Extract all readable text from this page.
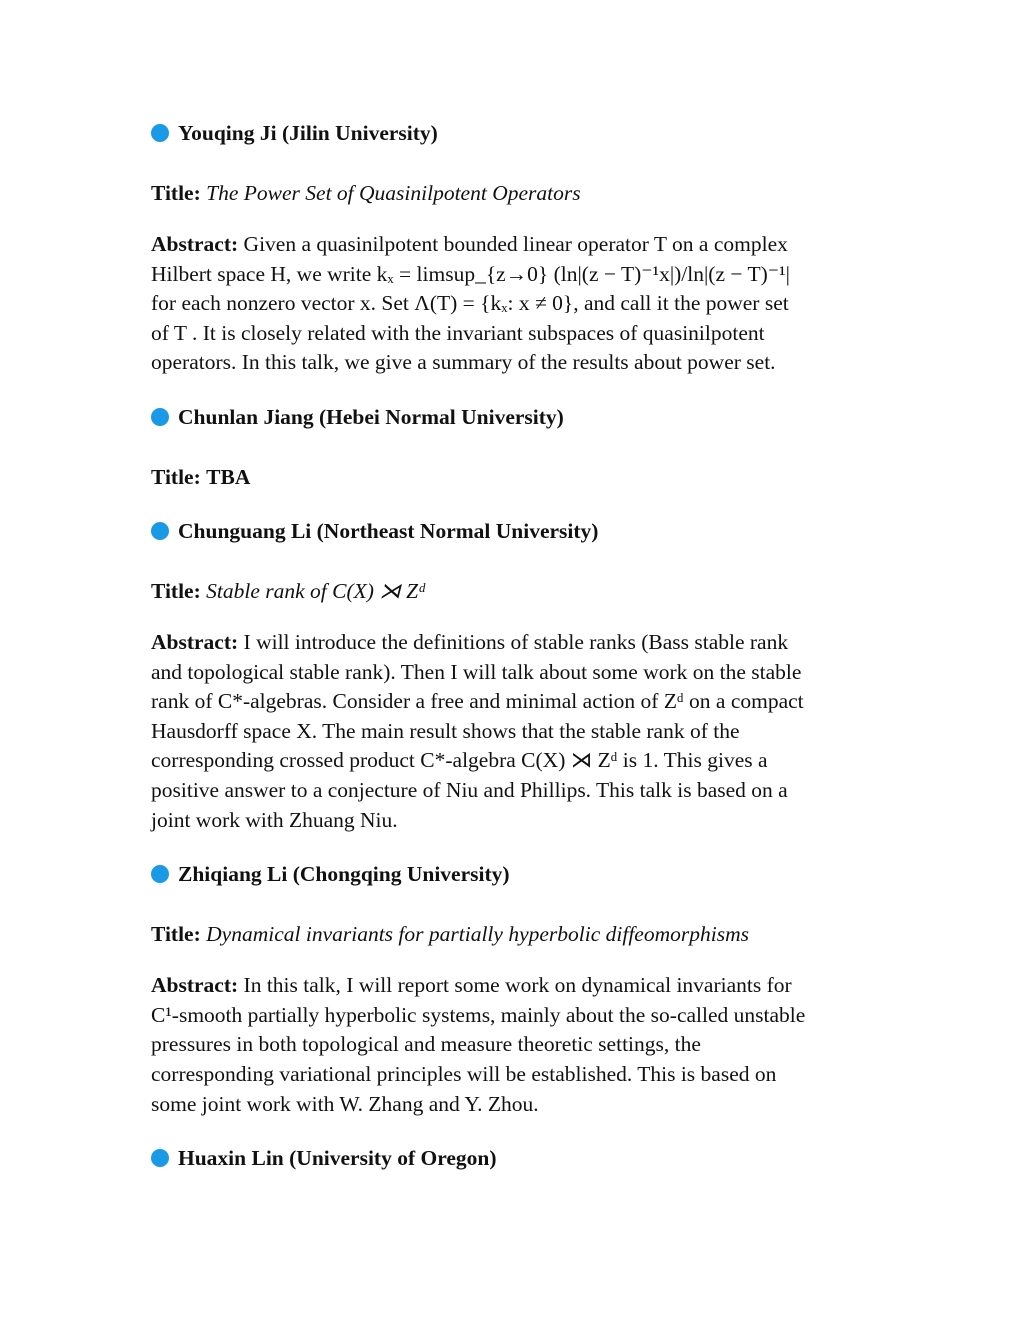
Youqing Ji (Jilin University)
Title: The Power Set of Quasinilpotent Operators
Abstract: Given a quasinilpotent bounded linear operator T on a complex
Hilbert space H, we write kₓ = limsup_{z→0} (ln|(z − T)⁻¹x|)/ln|(z − T)⁻¹|
for each nonzero vector x. Set Λ(T) = {kₓ: x ≠ 0}, and call it the power set
of T . It is closely related with the invariant subspaces of quasinilpotent
operators. In this talk, we give a summary of the results about power set.
Chunlan Jiang (Hebei Normal University)
Title: TBA
Chunguang Li (Northeast Normal University)
Title: Stable rank of C(X) ⋊ Zᵈ
Abstract: I will introduce the definitions of stable ranks (Bass stable rank
and topological stable rank). Then I will talk about some work on the stable
rank of C*-algebras. Consider a free and minimal action of Zᵈ on a compact
Hausdorff space X. The main result shows that the stable rank of the
corresponding crossed product C*-algebra C(X) ⋊ Zᵈ is 1. This gives a
positive answer to a conjecture of Niu and Phillips. This talk is based on a
joint work with Zhuang Niu.
Zhiqiang Li (Chongqing University)
Title: Dynamical invariants for partially hyperbolic diffeomorphisms
Abstract: In this talk, I will report some work on dynamical invariants for
C¹-smooth partially hyperbolic systems, mainly about the so-called unstable
pressures in both topological and measure theoretic settings, the
corresponding variational principles will be established. This is based on
some joint work with W. Zhang and Y. Zhou.
Huaxin Lin (University of Oregon)
